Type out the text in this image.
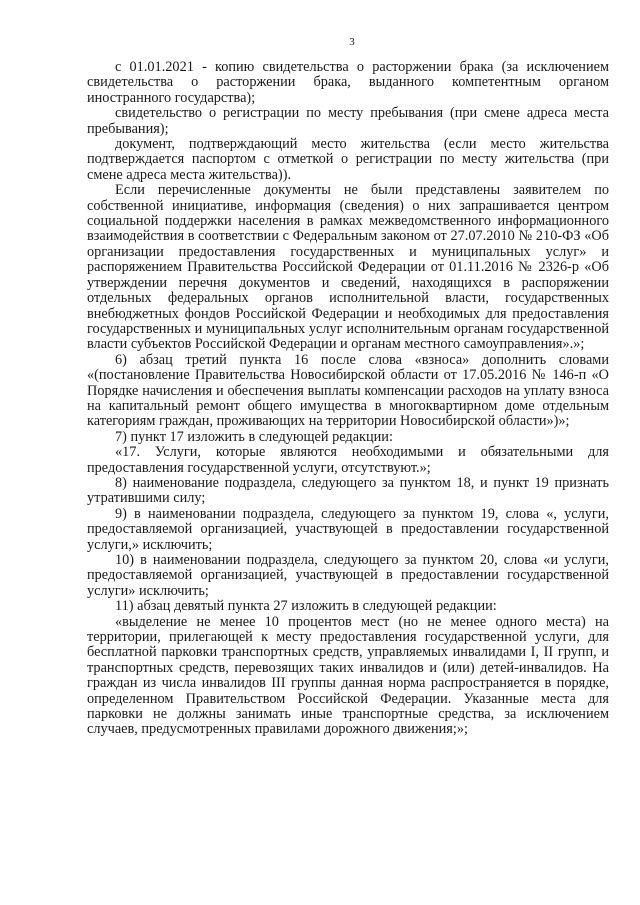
3

с 01.01.2021 - копию свидетельства о расторжении брака (за исключением свидетельства о расторжении брака, выданного компетентным органом иностранного государства);

свидетельство о регистрации по месту пребывания (при смене адреса места пребывания);

документ, подтверждающий место жительства (если место жительства подтверждается паспортом с отметкой о регистрации по месту жительства (при смене адреса места жительства)).

Если перечисленные документы не были представлены заявителем по собственной инициативе, информация (сведения) о них запрашивается центром социальной поддержки населения в рамках межведомственного информационного взаимодействия в соответствии с Федеральным законом от 27.07.2010 № 210-ФЗ «Об организации предоставления государственных и муниципальных услуг» и распоряжением Правительства Российской Федерации от 01.11.2016 № 2326-р «Об утверждении перечня документов и сведений, находящихся в распоряжении отдельных федеральных органов исполнительной власти, государственных внебюджетных фондов Российской Федерации и необходимых для предоставления государственных и муниципальных услуг исполнительным органам государственной власти субъектов Российской Федерации и органам местного самоуправления».»;

6) абзац третий пункта 16 после слова «взноса» дополнить словами «(постановление Правительства Новосибирской области от 17.05.2016 № 146-п «О Порядке начисления и обеспечения выплаты компенсации расходов на уплату взноса на капитальный ремонт общего имущества в многоквартирном доме отдельным категориям граждан, проживающих на территории Новосибирской области»)»;

7) пункт 17 изложить в следующей редакции:

«17. Услуги, которые являются необходимыми и обязательными для предоставления государственной услуги, отсутствуют.»;

8) наименование подраздела, следующего за пунктом 18, и пункт 19 признать утратившими силу;

9) в наименовании подраздела, следующего за пунктом 19, слова «, услуги, предоставляемой организацией, участвующей в предоставлении государственной услуги,» исключить;

10) в наименовании подраздела, следующего за пунктом 20, слова «и услуги, предоставляемой организацией, участвующей в предоставлении государственной услуги» исключить;

11) абзац девятый пункта 27 изложить в следующей редакции:

«выделение не менее 10 процентов мест (но не менее одного места) на территории, прилегающей к месту предоставления государственной услуги, для бесплатной парковки транспортных средств, управляемых инвалидами I, II групп, и транспортных средств, перевозящих таких инвалидов и (или) детей-инвалидов. На граждан из числа инвалидов III группы данная норма распространяется в порядке, определенном Правительством Российской Федерации. Указанные места для парковки не должны занимать иные транспортные средства, за исключением случаев, предусмотренных правилами дорожного движения;»;
